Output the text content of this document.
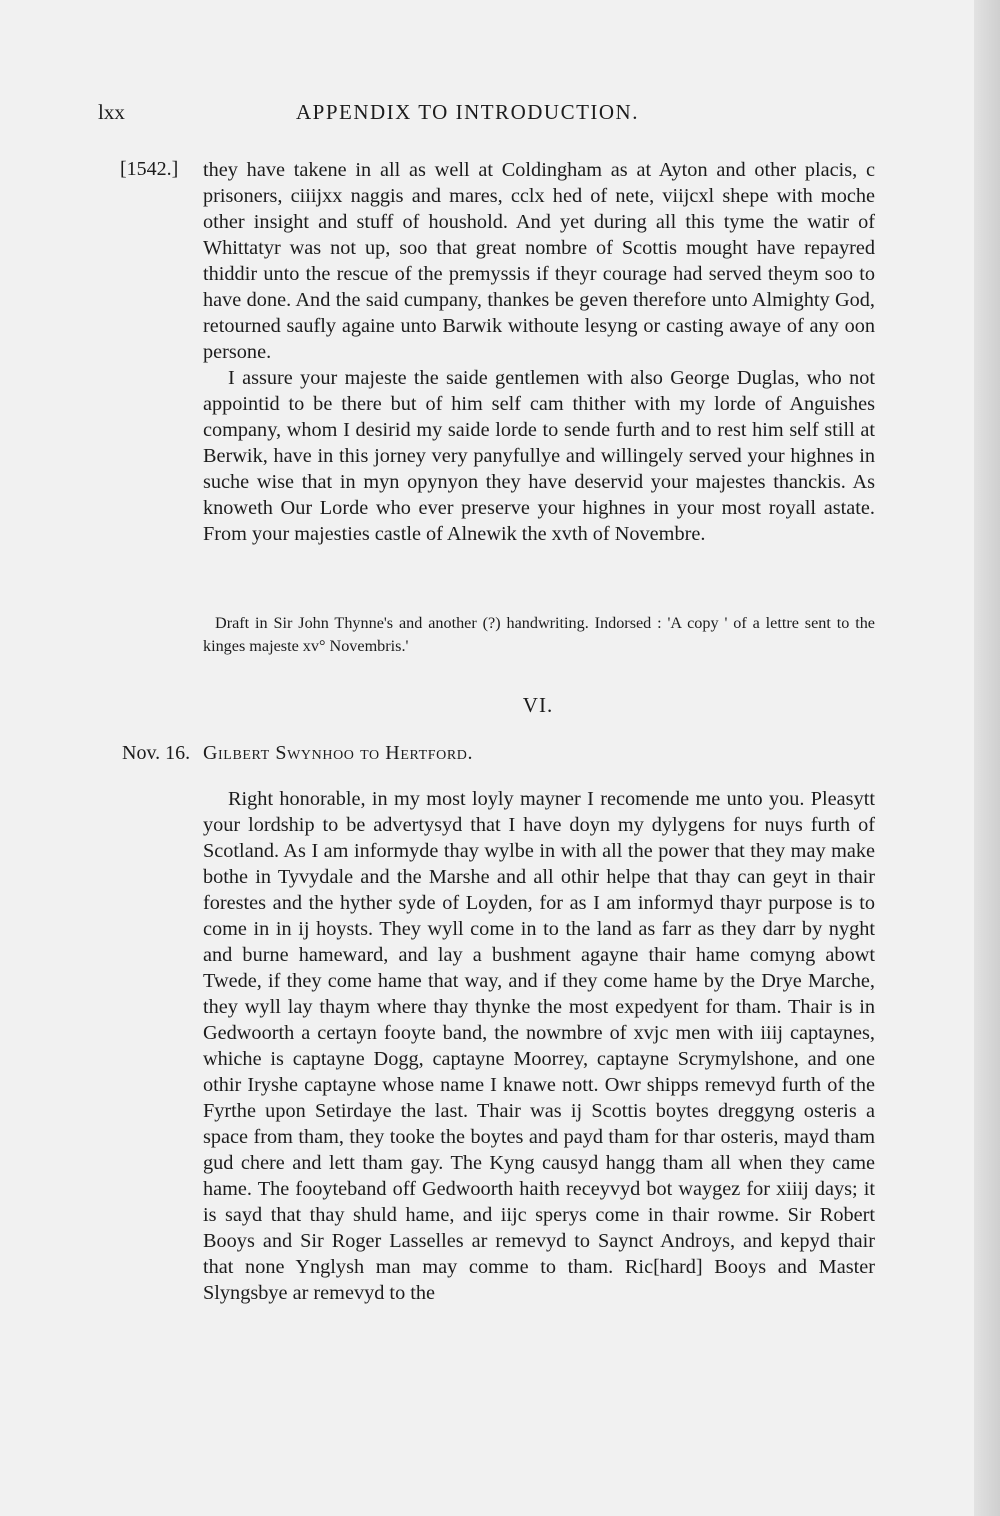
lxx	APPENDIX TO INTRODUCTION.
[1542.] they have takene in all as well at Coldingham as at Ayton and other placis, c prisoners, ciiijxx naggis and mares, cclx hed of nete, viijcxl shepe with moche other insight and stuff of houshold. And yet during all this tyme the watir of Whittatyr was not up, soo that great nombre of Scottis mought have repayred thiddir unto the rescue of the premyssis if theyr courage had served theym soo to have done. And the said cumpany, thankes be geven therefore unto Almighty God, retourned saufly againe unto Barwik withoute lesyng or casting awaye of any oon persone.

I assure your majeste the saide gentlemen with also George Duglas, who not appointid to be there but of him self cam thither with my lorde of Anguishes company, whom I desirid my saide lorde to sende furth and to rest him self still at Berwik, have in this jorney very panyfullye and willingely served your highnes in suche wise that in myn opynyon they have deservid your majestes thanckis. As knoweth Our Lorde who ever preserve your highnes in your most royall astate. From your majesties castle of Alnewik the xvth of Novembre.

Draft in Sir John Thynne's and another (?) handwriting. Indorsed : 'A copy ' of a lettre sent to the kinges majeste xv° Novembris.'

VI.
Nov. 16. Gilbert Swynhoo to Hertford.

Right honorable, in my most loyly mayner I recomende me unto you. Pleasytt your lordship to be advertysyd that I have doyn my dylygens for nuys furth of Scotland. As I am informyde thay wylbe in with all the power that they may make bothe in Tyvydale and the Marshe and all othir helpe that thay can geyt in thair forestes and the hyther syde of Loyden, for as I am informyd thayr purpose is to come in in ij hoysts. They wyll come in to the land as farr as they darr by nyght and burne hameward, and lay a bushment agayne thair hame comyng abowt Twede, if they come hame that way, and if they come hame by the Drye Marche, they wyll lay thaym where thay thynke the most expedyent for tham. Thair is in Gedwoorth a certayn fooyte band, the nowmbre of xvjc men with iiij captaynes, whiche is captayne Dogg, captayne Moorrey, captayne Scrymylshone, and one othir Iryshe captayne whose name I knawe nott. Owr shipps remevyd furth of the Fyrthe upon Setirdaye the last. Thair was ij Scottis boytes dreggyng osteris a space from tham, they tooke the boytes and payd tham for thar osteris, mayd tham gud chere and lett tham gay. The Kyng causyd hangg tham all when they came hame. The fooyteband off Gedwoorth haith receyvyd bot waygez for xiiij days; it is sayd that thay shuld hame, and iijc sperys come in thair rowme. Sir Robert Booys and Sir Roger Lassellеs ar remevyd to Saynct Androys, and kepyd thair that none Ynglysh man may comme to tham. Ric[hard] Booys and Master Slyngsbye ar remevyd to the
